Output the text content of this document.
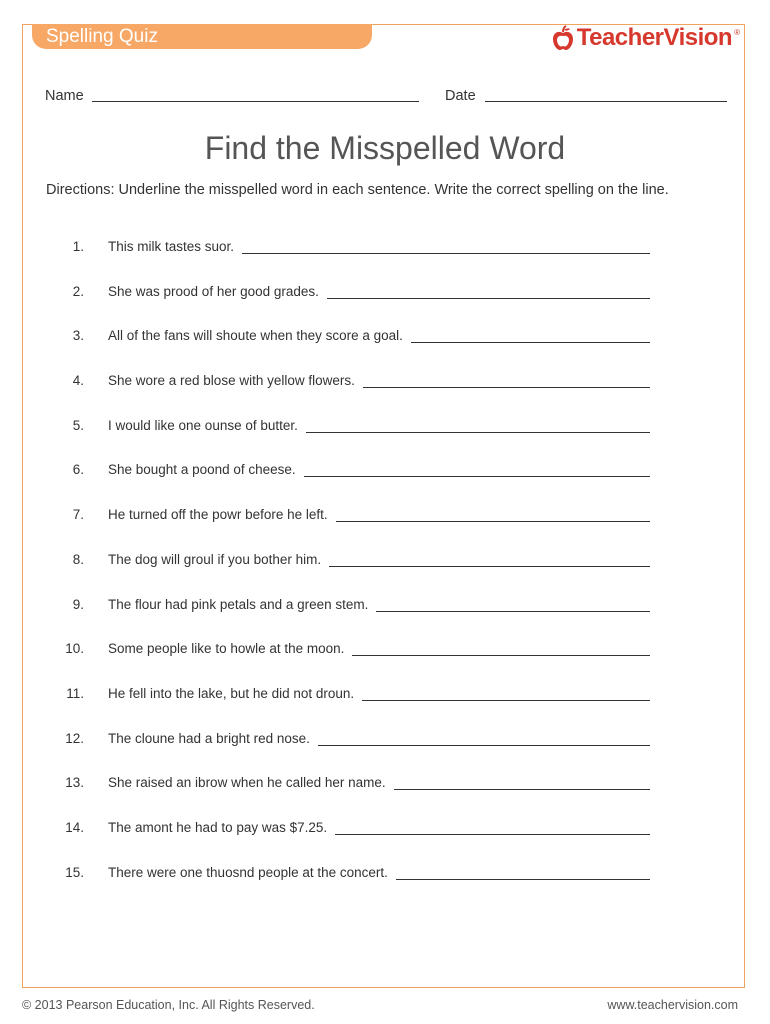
Spelling Quiz	TeacherVision ®
Name	Date
Find the Misspelled Word
Directions: Underline the misspelled word in each sentence. Write the correct spelling on the line.
1. This milk tastes suor.
2. She was prood of her good grades.
3. All of the fans will shoute when they score a goal.
4. She wore a red blose with yellow flowers.
5. I would like one ounse of butter.
6. She bought a poond of cheese.
7. He turned off the powr before he left.
8. The dog will groul if you bother him.
9. The flour had pink petals and a green stem.
10. Some people like to howle at the moon.
11. He fell into the lake, but he did not droun.
12. The cloune had a bright red nose.
13. She raised an ibrow when he called her name.
14. The amont he had to pay was $7.25.
15. There were one thuosnd people at the concert.
© 2013 Pearson Education, Inc. All Rights Reserved.	www.teachervision.com
